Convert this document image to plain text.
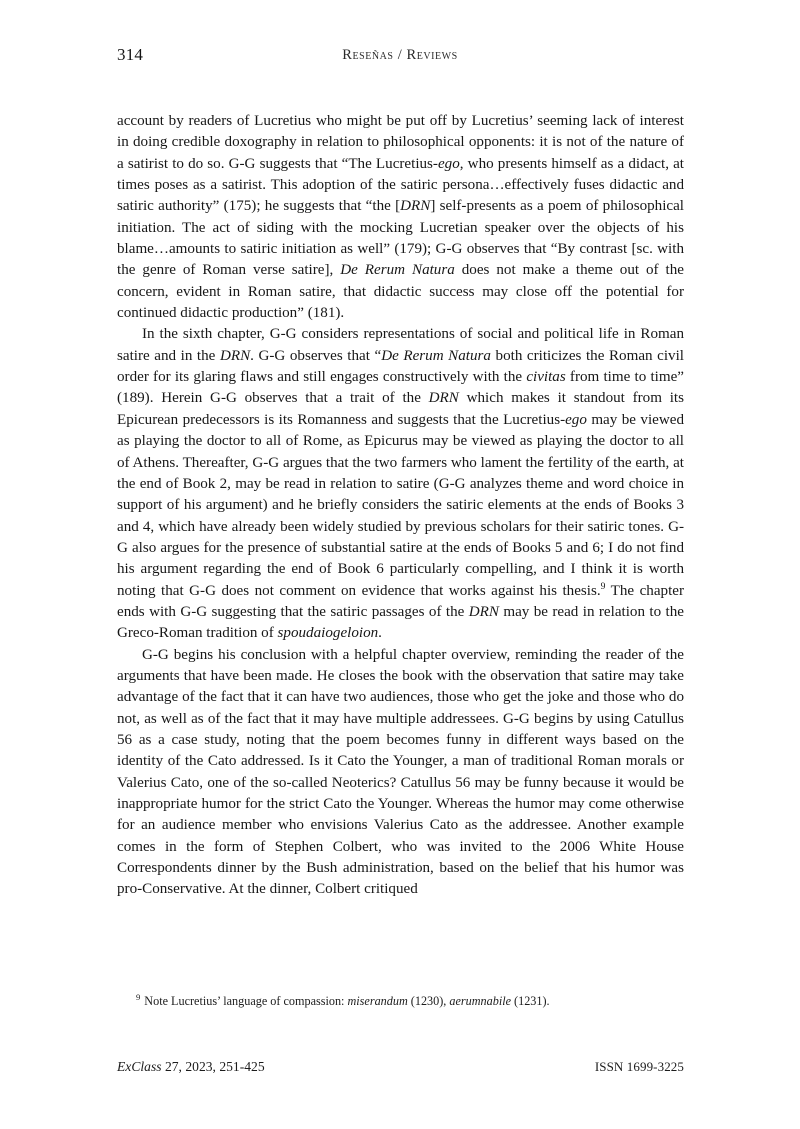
314	Reseñas / Reviews

account by readers of Lucretius who might be put off by Lucretius’ seeming lack of interest in doing credible doxography in relation to philosophical opponents: it is not of the nature of a satirist to do so. G-G suggests that “The Lucretius-ego, who presents himself as a didact, at times poses as a satirist. This adoption of the satiric persona…effectively fuses didactic and satiric authority” (175); he suggests that “the [DRN] self-presents as a poem of philosophical initiation. The act of siding with the mocking Lucretian speaker over the objects of his blame…amounts to satiric initiation as well” (179); G-G observes that “By contrast [sc. with the genre of Roman verse satire], De Rerum Natura does not make a theme out of the concern, evident in Roman satire, that didactic success may close off the potential for continued didactic production” (181).

In the sixth chapter, G-G considers representations of social and political life in Roman satire and in the DRN. G-G observes that “De Rerum Natura both criticizes the Roman civil order for its glaring flaws and still engages constructively with the civitas from time to time” (189). Herein G-G observes that a trait of the DRN which makes it standout from its Epicurean predecessors is its Romanness and suggests that the Lucretius-ego may be viewed as playing the doctor to all of Rome, as Epicurus may be viewed as playing the doctor to all of Athens. Thereafter, G-G argues that the two farmers who lament the fertility of the earth, at the end of Book 2, may be read in relation to satire (G-G analyzes theme and word choice in support of his argument) and he briefly considers the satiric elements at the ends of Books 3 and 4, which have already been widely studied by previous scholars for their satiric tones. G-G also argues for the presence of substantial satire at the ends of Books 5 and 6; I do not find his argument regarding the end of Book 6 particularly compelling, and I think it is worth noting that G-G does not comment on evidence that works against his thesis.$^9$ The chapter ends with G-G suggesting that the satiric passages of the DRN may be read in relation to the Greco-Roman tradition of spoudaiogeloion.

G-G begins his conclusion with a helpful chapter overview, reminding the reader of the arguments that have been made. He closes the book with the observation that satire may take advantage of the fact that it can have two audiences, those who get the joke and those who do not, as well as of the fact that it may have multiple addressees. G-G begins by using Catullus 56 as a case study, noting that the poem becomes funny in different ways based on the identity of the Cato addressed. Is it Cato the Younger, a man of traditional Roman morals or Valerius Cato, one of the so-called Neoterics? Catullus 56 may be funny because it would be inappropriate humor for the strict Cato the Younger. Whereas the humor may come otherwise for an audience member who envisions Valerius Cato as the addressee. Another example comes in the form of Stephen Colbert, who was invited to the 2006 White House Correspondents dinner by the Bush administration, based on the belief that his humor was pro-Conservative. At the dinner, Colbert critiqued

$^9$ Note Lucretius’ language of compassion: miserandum (1230), aerumnabile (1231).

ExClass 27, 2023, 251-425	ISSN 1699-3225
